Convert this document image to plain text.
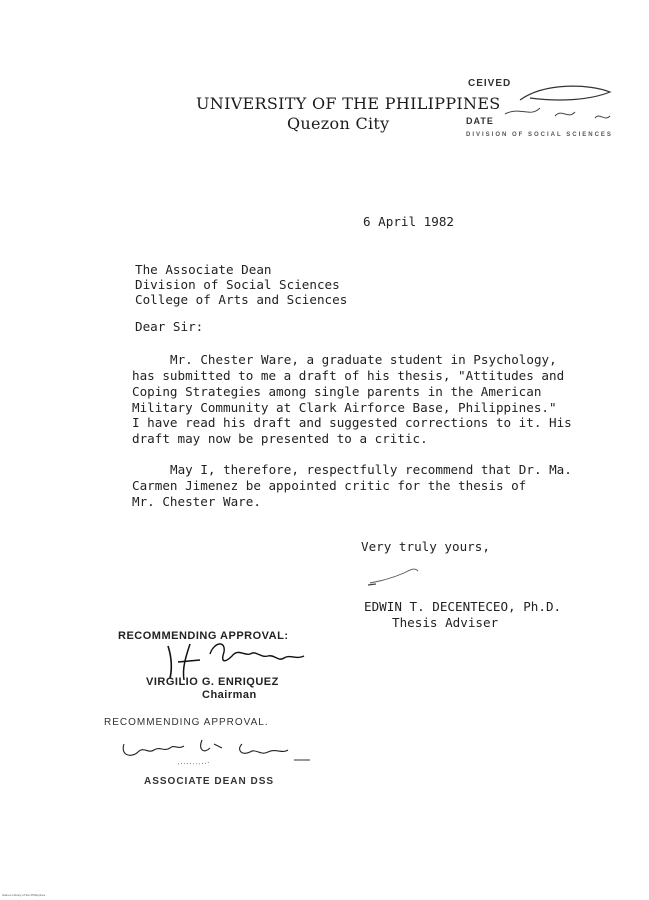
UNIVERSITY OF THE PHILIPPINES
Quezon City
CEIVED
DATE
DIVISION OF SOCIAL SCIENCES
6 April 1982
The Associate Dean
Division of Social Sciences
College of Arts and Sciences
Dear Sir:
Mr. Chester Ware, a graduate student in Psychology,
has submitted to me a draft of his thesis, "Attitudes and
Coping Strategies among single parents in the American
Military Community at Clark Airforce Base, Philippines."
I have read his draft and suggested corrections to it. His
draft may now be presented to a critic.
May I, therefore, respectfully recommend that Dr. Ma.
Carmen Jimenez be appointed critic for the thesis of
Mr. Chester Ware.
Very truly yours,
EDWIN T. DECENTECEO, Ph.D.
Thesis Adviser
RECOMMENDING APPROVAL:
VIRGILIO G. ENRIQUEZ
Chairman
RECOMMENDING APPROVAL.
ASSOCIATE DEAN DSS
Ateneo Library of the Philippines
